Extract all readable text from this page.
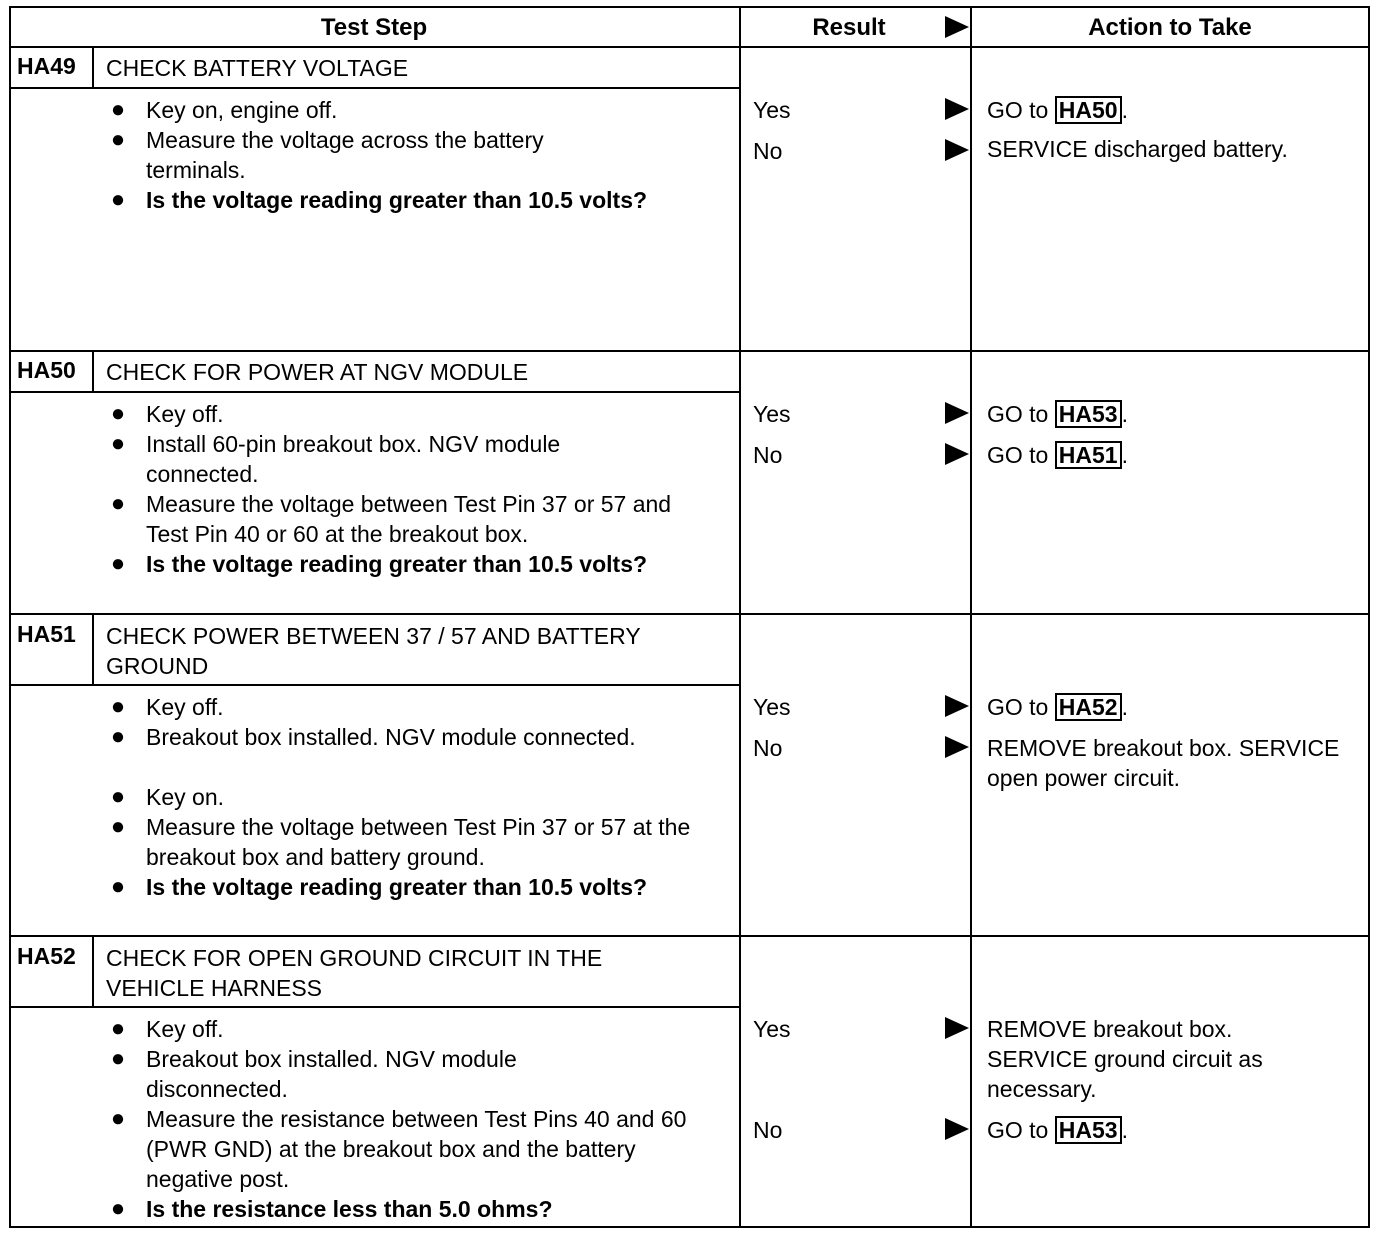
Test Step	Result	Action to Take
HA49 CHECK BATTERY VOLTAGE
● Key on, engine off.
● Measure the voltage across the battery terminals.
● Is the voltage reading greater than 10.5 volts?
Yes	GO to HA50 .
No	SERVICE discharged battery.
HA50 CHECK FOR POWER AT NGV MODULE
● Key off.
● Install 60-pin breakout box. NGV module connected.
● Measure the voltage between Test Pin 37 or 57 and Test Pin 40 or 60 at the breakout box.
● Is the voltage reading greater than 10.5 volts?
Yes	GO to HA53 .
No	GO to HA51 .
HA51 CHECK POWER BETWEEN 37 / 57 AND BATTERY GROUND
● Key off.
● Breakout box installed. NGV module connected.
● Key on.
● Measure the voltage between Test Pin 37 or 57 at the breakout box and battery ground.
● Is the voltage reading greater than 10.5 volts?
Yes	GO to HA52 .
No	REMOVE breakout box. SERVICE open power circuit.
HA52 CHECK FOR OPEN GROUND CIRCUIT IN THE VEHICLE HARNESS
● Key off.
● Breakout box installed. NGV module disconnected.
● Measure the resistance between Test Pins 40 and 60 (PWR GND) at the breakout box and the battery negative post.
● Is the resistance less than 5.0 ohms?
Yes	REMOVE breakout box. SERVICE ground circuit as necessary.
No	GO to HA53 .
